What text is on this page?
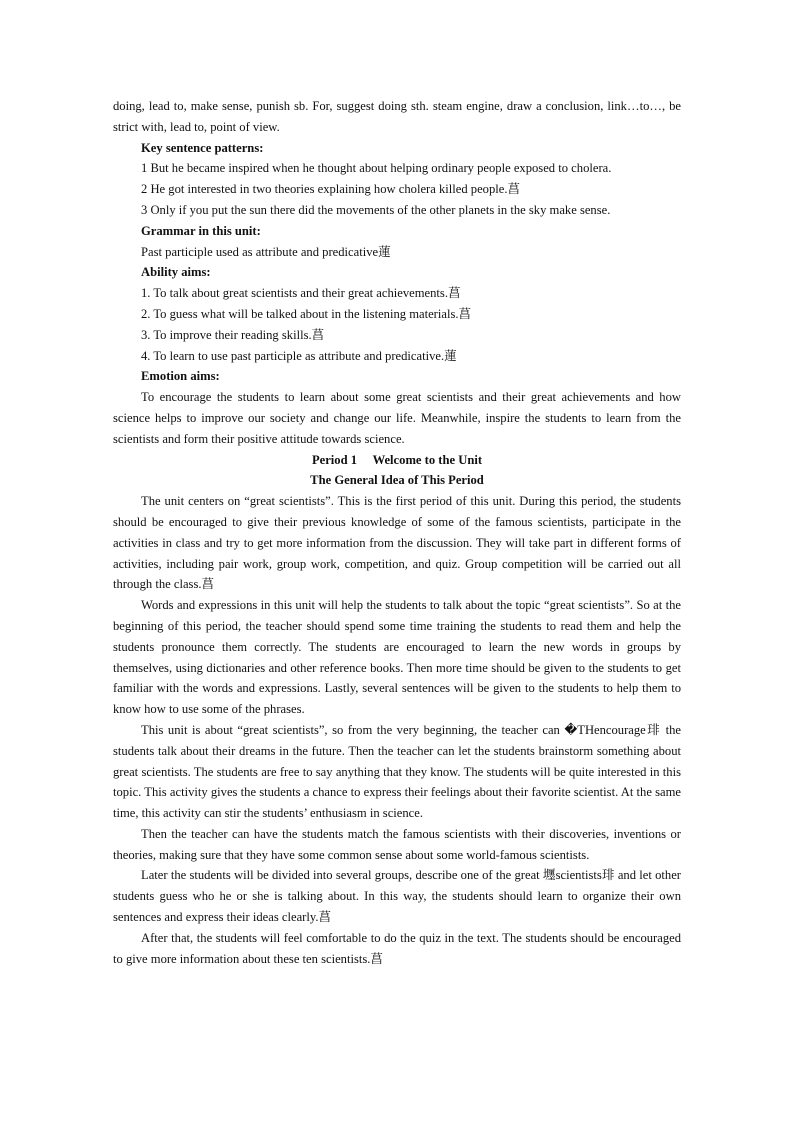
doing, lead to, make sense, punish sb. For, suggest doing sth. steam engine, draw a conclusion, link…to…, be strict with, lead to, point of view.

Key sentence patterns:

1 But he became inspired when he thought about helping ordinary people exposed to cholera.

2 He got interested in two theories explaining how cholera killed people.菖

3 Only if you put the sun there did the movements of the other planets in the sky make sense.

Grammar in this unit:

Past participle used as attribute and predicative蓮

Ability aims:

1. To talk about great scientists and their great achievements.菖

2. To guess what will be talked about in the listening materials.菖

3. To improve their reading skills.菖

4. To learn to use past participle as attribute and predicative.蓮

Emotion aims:

To encourage the students to learn about some great scientists and their great achievements and how science helps to improve our society and change our life. Meanwhile, inspire the students to learn from the scientists and form their positive attitude towards science.

Period 1　 Welcome to the Unit

The General Idea of This Period

The unit centers on “great scientists”. This is the first period of this unit. During this period, the students should be encouraged to give their previous knowledge of some of the famous scientists, participate in the activities in class and try to get more information from the discussion. They will take part in different forms of activities, including pair work, group work, competition, and quiz. Group competition will be carried out all through the class.菖

Words and expressions in this unit will help the students to talk about the topic “great scientists”. So at the beginning of this period, the teacher should spend some time training the students to read them and help the students pronounce them correctly. The students are encouraged to learn the new words in groups by themselves, using dictionaries and other reference books. Then more time should be given to the students to get familiar with the words and expressions. Lastly, several sentences will be given to the students to help them to know how to use some of the phrases.

This unit is about “great scientists”, so from the very beginning, the teacher can �THencourage琲 the students talk about their dreams in the future. Then the teacher can let the students brainstorm something about great scientists. The students are free to say anything that they know. The students will be quite interested in this topic. This activity gives the students a chance to express their feelings about their favorite scientist. At the same time, this activity can stir the students’ enthusiasm in science.

Then the teacher can have the students match the famous scientists with their discoveries, inventions or theories, making sure that they have some common sense about some world-famous scientists.

Later the students will be divided into several groups, describe one of the great 壥scientists琲 and let other students guess who he or she is talking about. In this way, the students should learn to organize their own sentences and express their ideas clearly.菖

After that, the students will feel comfortable to do the quiz in the text. The students should be encouraged to give more information about these ten scientists.菖
